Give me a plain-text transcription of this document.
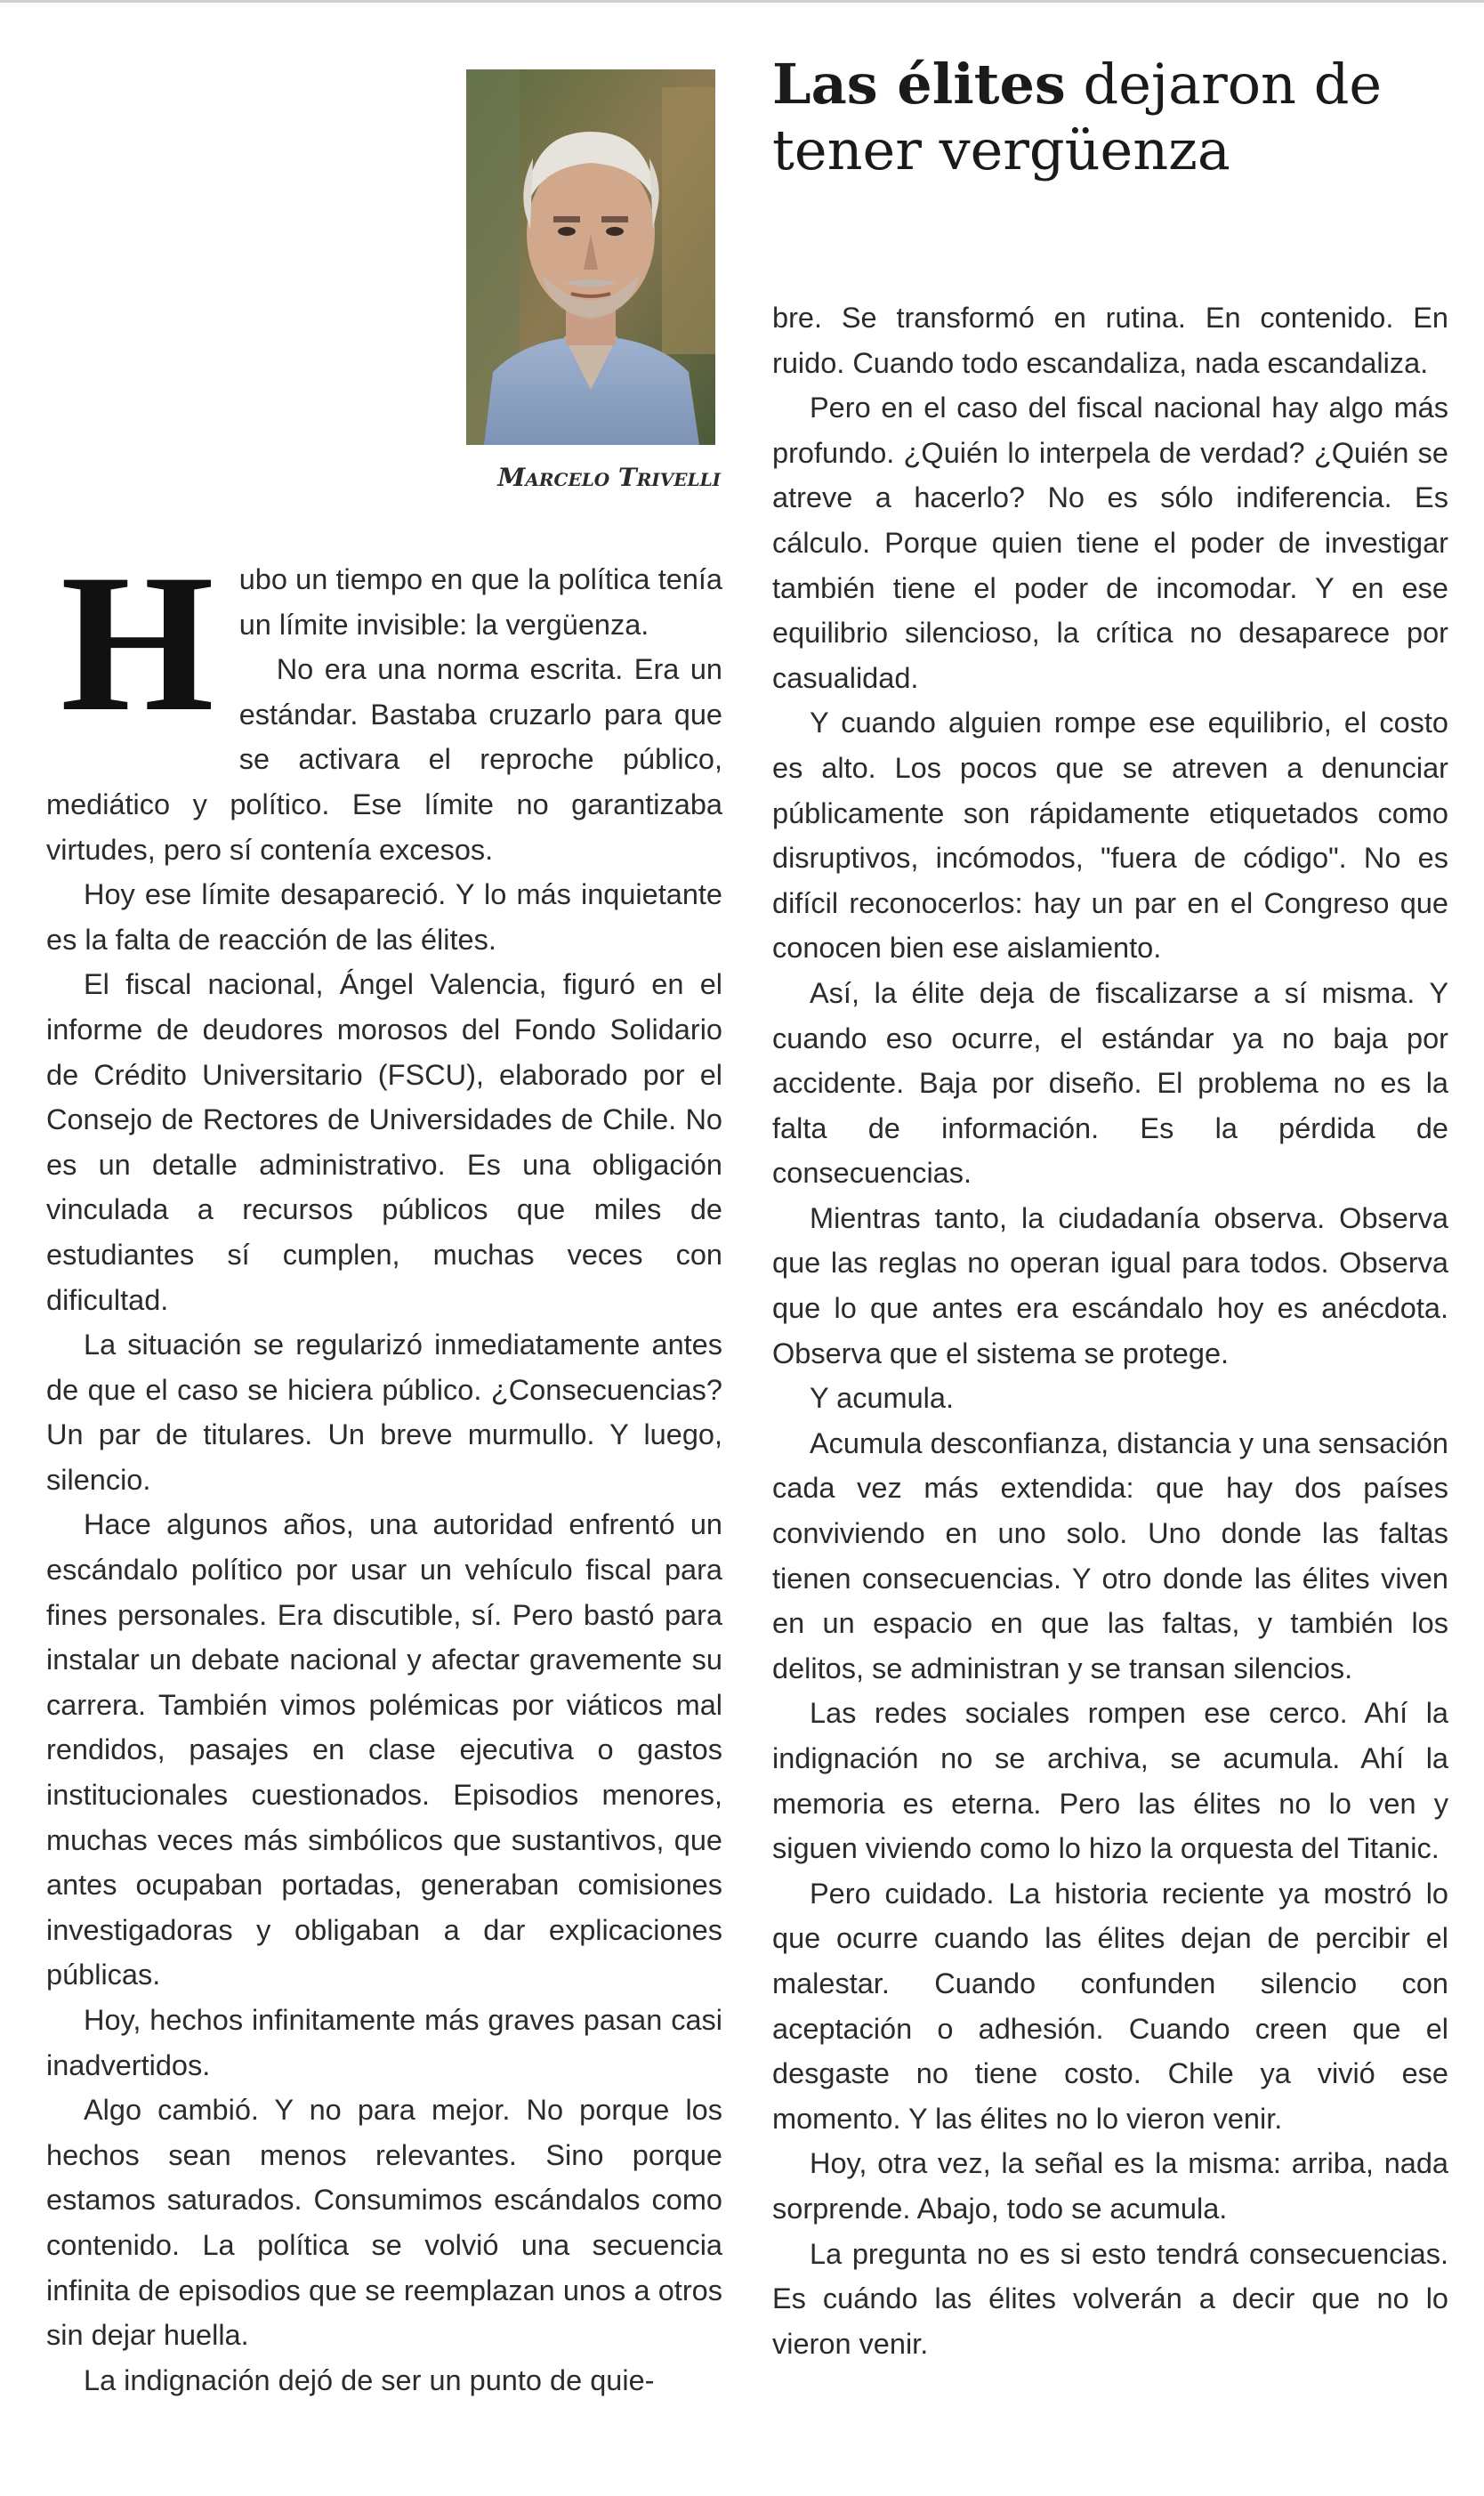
Marcelo Trivelli
Las élites dejaron de tener vergüenza

Hubo un tiempo en que la política tenía un límite invisible: la vergüenza.

No era una norma escrita. Era un estándar. Bastaba cruzarlo para que se activara el reproche público, mediático y político. Ese límite no garantizaba virtudes, pero sí contenía excesos.

Hoy ese límite desapareció. Y lo más inquietante es la falta de reacción de las élites.

El fiscal nacional, Ángel Valencia, figuró en el informe de deudores morosos del Fondo Solidario de Crédito Universitario (FSCU), elaborado por el Consejo de Rectores de Universidades de Chile. No es un detalle administrativo. Es una obligación vinculada a recursos públicos que miles de estudiantes sí cumplen, muchas veces con dificultad.

La situación se regularizó inmediatamente antes de que el caso se hiciera público. ¿Consecuencias? Un par de titulares. Un breve murmullo. Y luego, silencio.

Hace algunos años, una autoridad enfrentó un escándalo político por usar un vehículo fiscal para fines personales. Era discutible, sí. Pero bastó para instalar un debate nacional y afectar gravemente su carrera. También vimos polémicas por viáticos mal rendidos, pasajes en clase ejecutiva o gastos institucionales cuestionados. Episodios menores, muchas veces más simbólicos que sustantivos, que antes ocupaban portadas, generaban comisiones investigadoras y obligaban a dar explicaciones públicas.

Hoy, hechos infinitamente más graves pasan casi inadvertidos.

Algo cambió. Y no para mejor. No porque los hechos sean menos relevantes. Sino porque estamos saturados. Consumimos escándalos como contenido. La política se volvió una secuencia infinita de episodios que se reemplazan unos a otros sin dejar huella.

La indignación dejó de ser un punto de quie-

bre. Se transformó en rutina. En contenido. En ruido. Cuando todo escandaliza, nada escandaliza.

Pero en el caso del fiscal nacional hay algo más profundo. ¿Quién lo interpela de verdad? ¿Quién se atreve a hacerlo? No es sólo indiferencia. Es cálculo. Porque quien tiene el poder de investigar también tiene el poder de incomodar. Y en ese equilibrio silencioso, la crítica no desaparece por casualidad.

Y cuando alguien rompe ese equilibrio, el costo es alto. Los pocos que se atreven a denunciar públicamente son rápidamente etiquetados como disruptivos, incómodos, "fuera de código". No es difícil reconocerlos: hay un par en el Congreso que conocen bien ese aislamiento.

Así, la élite deja de fiscalizarse a sí misma. Y cuando eso ocurre, el estándar ya no baja por accidente. Baja por diseño. El problema no es la falta de información. Es la pérdida de consecuencias.

Mientras tanto, la ciudadanía observa. Observa que las reglas no operan igual para todos. Observa que lo que antes era escándalo hoy es anécdota. Observa que el sistema se protege.

Y acumula.

Acumula desconfianza, distancia y una sensación cada vez más extendida: que hay dos países conviviendo en uno solo. Uno donde las faltas tienen consecuencias. Y otro donde las élites viven en un espacio en que las faltas, y también los delitos, se administran y se transan silencios.

Las redes sociales rompen ese cerco. Ahí la indignación no se archiva, se acumula. Ahí la memoria es eterna. Pero las élites no lo ven y siguen viviendo como lo hizo la orquesta del Titanic.

Pero cuidado. La historia reciente ya mostró lo que ocurre cuando las élites dejan de percibir el malestar. Cuando confunden silencio con aceptación o adhesión. Cuando creen que el desgaste no tiene costo. Chile ya vivió ese momento. Y las élites no lo vieron venir.

Hoy, otra vez, la señal es la misma: arriba, nada sorprende. Abajo, todo se acumula.

La pregunta no es si esto tendrá consecuencias. Es cuándo las élites volverán a decir que no lo vieron venir.
